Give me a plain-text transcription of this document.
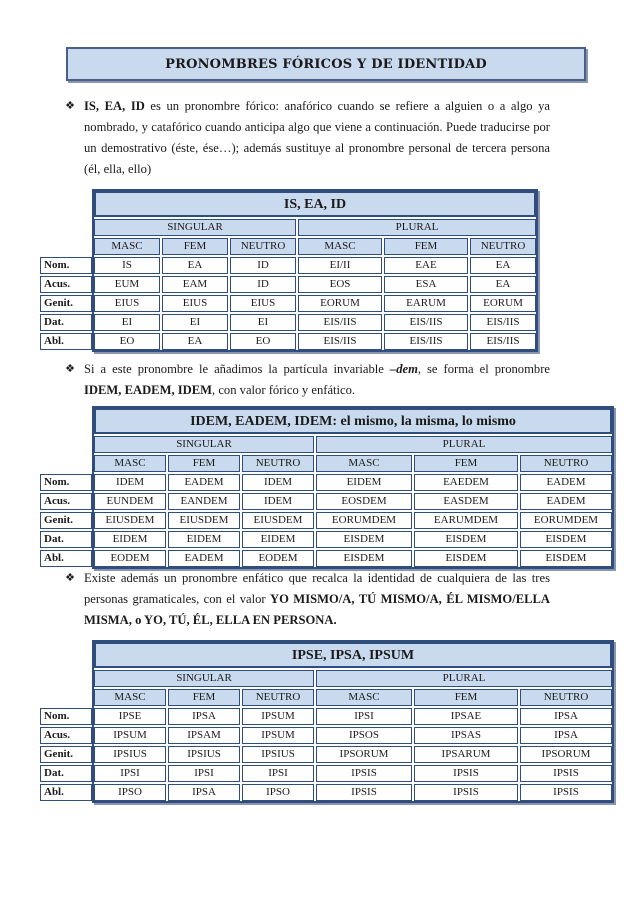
PRONOMBRES FÓRICOS Y DE IDENTIDAD
❖ IS, EA, ID es un pronombre fórico: anafórico cuando se refiere a alguien o a algo ya nombrado, y catafórico cuando anticipa algo que viene a continuación. Puede traducirse por un demostrativo (éste, ése…); además sustituye al pronombre personal de tercera persona (él, ella, ello)
	IS, EA, ID					
	SINGULAR			PLURAL		
	MASC	FEM	NEUTRO	MASC	FEM	NEUTRO
Nom.	IS	EA	ID	EI/II	EAE	EA
Acus.	EUM	EAM	ID	EOS	ESA	EA
Genit.	EIUS	EIUS	EIUS	EORUM	EARUM	EORUM
Dat.	EI	EI	EI	EIS/IIS	EIS/IIS	EIS/IIS
Abl.	EO	EA	EO	EIS/IIS	EIS/IIS	EIS/IIS
❖ Si a este pronombre le añadimos la partícula invariable –dem, se forma el pronombre IDEM, EADEM, IDEM, con valor fórico y enfático.
	IDEM, EADEM, IDEM: el mismo, la misma, lo mismo					
	SINGULAR			PLURAL		
	MASC	FEM	NEUTRO	MASC	FEM	NEUTRO
Nom.	IDEM	EADEM	IDEM	EIDEM	EAEDEM	EADEM
Acus.	EUNDEM	EANDEM	IDEM	EOSDEM	EASDEM	EADEM
Genit.	EIUSDEM	EIUSDEM	EIUSDEM	EORUMDEM	EARUMDEM	EORUMDEM
Dat.	EIDEM	EIDEM	EIDEM	EISDEM	EISDEM	EISDEM
Abl.	EODEM	EADEM	EODEM	EISDEM	EISDEM	EISDEM
❖ Existe además un pronombre enfático que recalca la identidad de cualquiera de las tres personas gramaticales, con el valor YO MISMO/A, TÚ MISMO/A, ÉL MISMO/ELLA MISMA, o YO, TÚ, ÉL, ELLA EN PERSONA.
	IPSE, IPSA, IPSUM					
	SINGULAR			PLURAL		
	MASC	FEM	NEUTRO	MASC	FEM	NEUTRO
Nom.	IPSE	IPSA	IPSUM	IPSI	IPSAE	IPSA
Acus.	IPSUM	IPSAM	IPSUM	IPSOS	IPSAS	IPSA
Genit.	IPSIUS	IPSIUS	IPSIUS	IPSORUM	IPSARUM	IPSORUM
Dat.	IPSI	IPSI	IPSI	IPSIS	IPSIS	IPSIS
Abl.	IPSO	IPSA	IPSO	IPSIS	IPSIS	IPSIS
